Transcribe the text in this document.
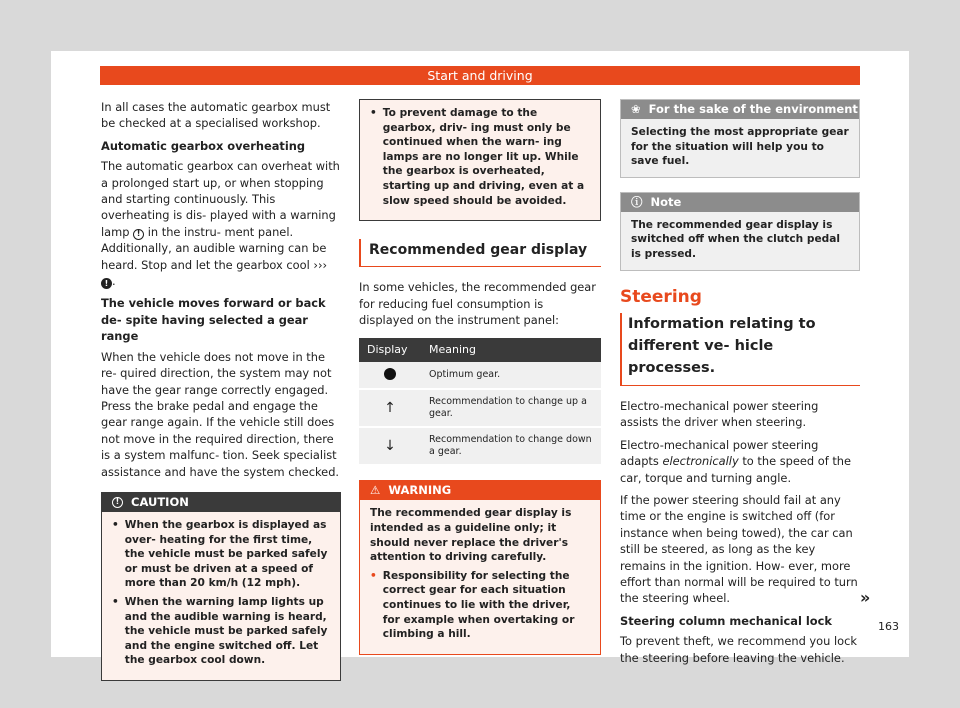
Start and driving
In all cases the automatic gearbox must be checked at a specialised workshop.
Automatic gearbox overheating
The automatic gearbox can overheat with a prolonged start up, or when stopping and starting continuously. This overheating is dis- played with a warning lamp ! in the instru- ment panel. Additionally, an audible warning can be heard. Stop and let the gearbox cool ››› ! .
The vehicle moves forward or back de- spite having selected a gear range
When the vehicle does not move in the re- quired direction, the system may not have the gear range correctly engaged. Press the brake pedal and engage the gear range again. If the vehicle still does not move in the required direction, there is a system malfunc- tion. Seek specialist assistance and have the system checked.
!	CAUTION
• When the gearbox is displayed as over- heating for the first time, the vehicle must be parked safely or must be driven at a speed of more than 20 km/h (12 mph).
• When the warning lamp lights up and the audible warning is heard, the vehicle must be parked safely and the engine switched off. Let the gearbox cool down.
• To prevent damage to the gearbox, driv- ing must only be continued when the warn- ing lamps are no longer lit up. While the gearbox is overheated, starting up and driving, even at a slow speed should be avoided.
Recommended gear display
In some vehicles, the recommended gear for reducing fuel consumption is displayed on the instrument panel:
Display	Meaning
	Optimum gear.
↑	Recommendation to change up a gear.
↓	Recommendation to change down a gear.
⚠ WARNING
The recommended gear display is intended as a guideline only; it should never replace the driver's attention to driving carefully.
• Responsibility for selecting the correct gear for each situation continues to lie with the driver, for example when overtaking or climbing a hill.
❀ For the sake of the environment
Selecting the most appropriate gear for the situation will help you to save fuel.
ⓘ Note
The recommended gear display is switched off when the clutch pedal is pressed.
Steering
Information relating to different ve- hicle processes.
Electro-mechanical power steering assists the driver when steering.
Electro-mechanical power steering adapts electronically to the speed of the car, torque and turning angle.
If the power steering should fail at any time or the engine is switched off (for instance when being towed), the car can still be steered, as long as the key remains in the ignition. How- ever, more effort than normal will be required to turn the steering wheel.
Steering column mechanical lock
To prevent theft, we recommend you lock the steering before leaving the vehicle.
»
163
